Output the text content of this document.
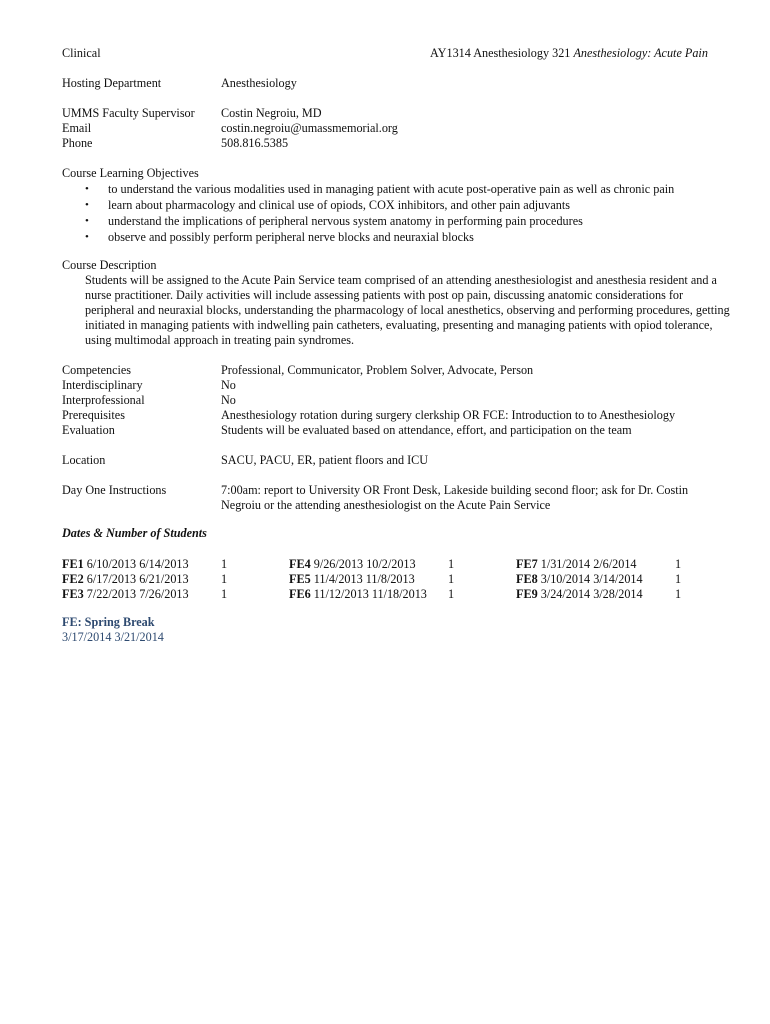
Clinical	AY1314 Anesthesiology 321 Anesthesiology: Acute Pain
Hosting Department	Anesthesiology
UMMS Faculty Supervisor Costin Negroiu, MD
Email	costin.negroiu@umassmemorial.org
Phone	508.816.5385
Course Learning Objectives
• to understand the various modalities used in managing patient with acute post-operative pain as well as chronic pain
• learn about pharmacology and clinical use of opiods, COX inhibitors, and other pain adjuvants
• understand the implications of peripheral nervous system anatomy in performing pain procedures
• observe and possibly perform peripheral nerve blocks and neuraxial blocks
Course Description
Students will be assigned to the Acute Pain Service team comprised of an attending anesthesiologist and anesthesia resident and a nurse practitioner. Daily activities will include assessing patients with post op pain, discussing anatomic considerations for peripheral and neuraxial blocks, understanding the pharmacology of local anesthetics, observing and performing procedures, getting initiated in managing patients with indwelling pain catheters, evaluating, presenting and managing patients with opiod tolerance, using multimodal approach in treating pain syndromes.
Competencies	Professional, Communicator, Problem Solver, Advocate, Person
Interdisciplinary	No
Interprofessional	No
Prerequisites	Anesthesiology rotation during surgery clerkship OR FCE: Introduction to to Anesthesiology
Evaluation	Students will be evaluated based on attendance, effort, and participation on the team
Location	SACU, PACU, ER, patient floors and ICU
Day One Instructions	7:00am: report to University OR Front Desk, Lakeside building second floor; ask for Dr. Costin
Negroiu or the attending anesthesiologist on the Acute Pain Service
Dates & Number of Students
FE1 6/10/2013 6/14/2013	1
FE2 6/17/2013 6/21/2013	1
FE3 7/22/2013 7/26/2013	1
FE4 9/26/2013 10/2/2013	1
FE5 11/4/2013 11/8/2013	1
FE6 11/12/2013 11/18/2013 1
FE7 1/31/2014 2/6/2014	1
FE8 3/10/2014 3/14/2014	1
FE9 3/24/2014 3/28/2014	1
FE: Spring Break
3/17/2014 3/21/2014
